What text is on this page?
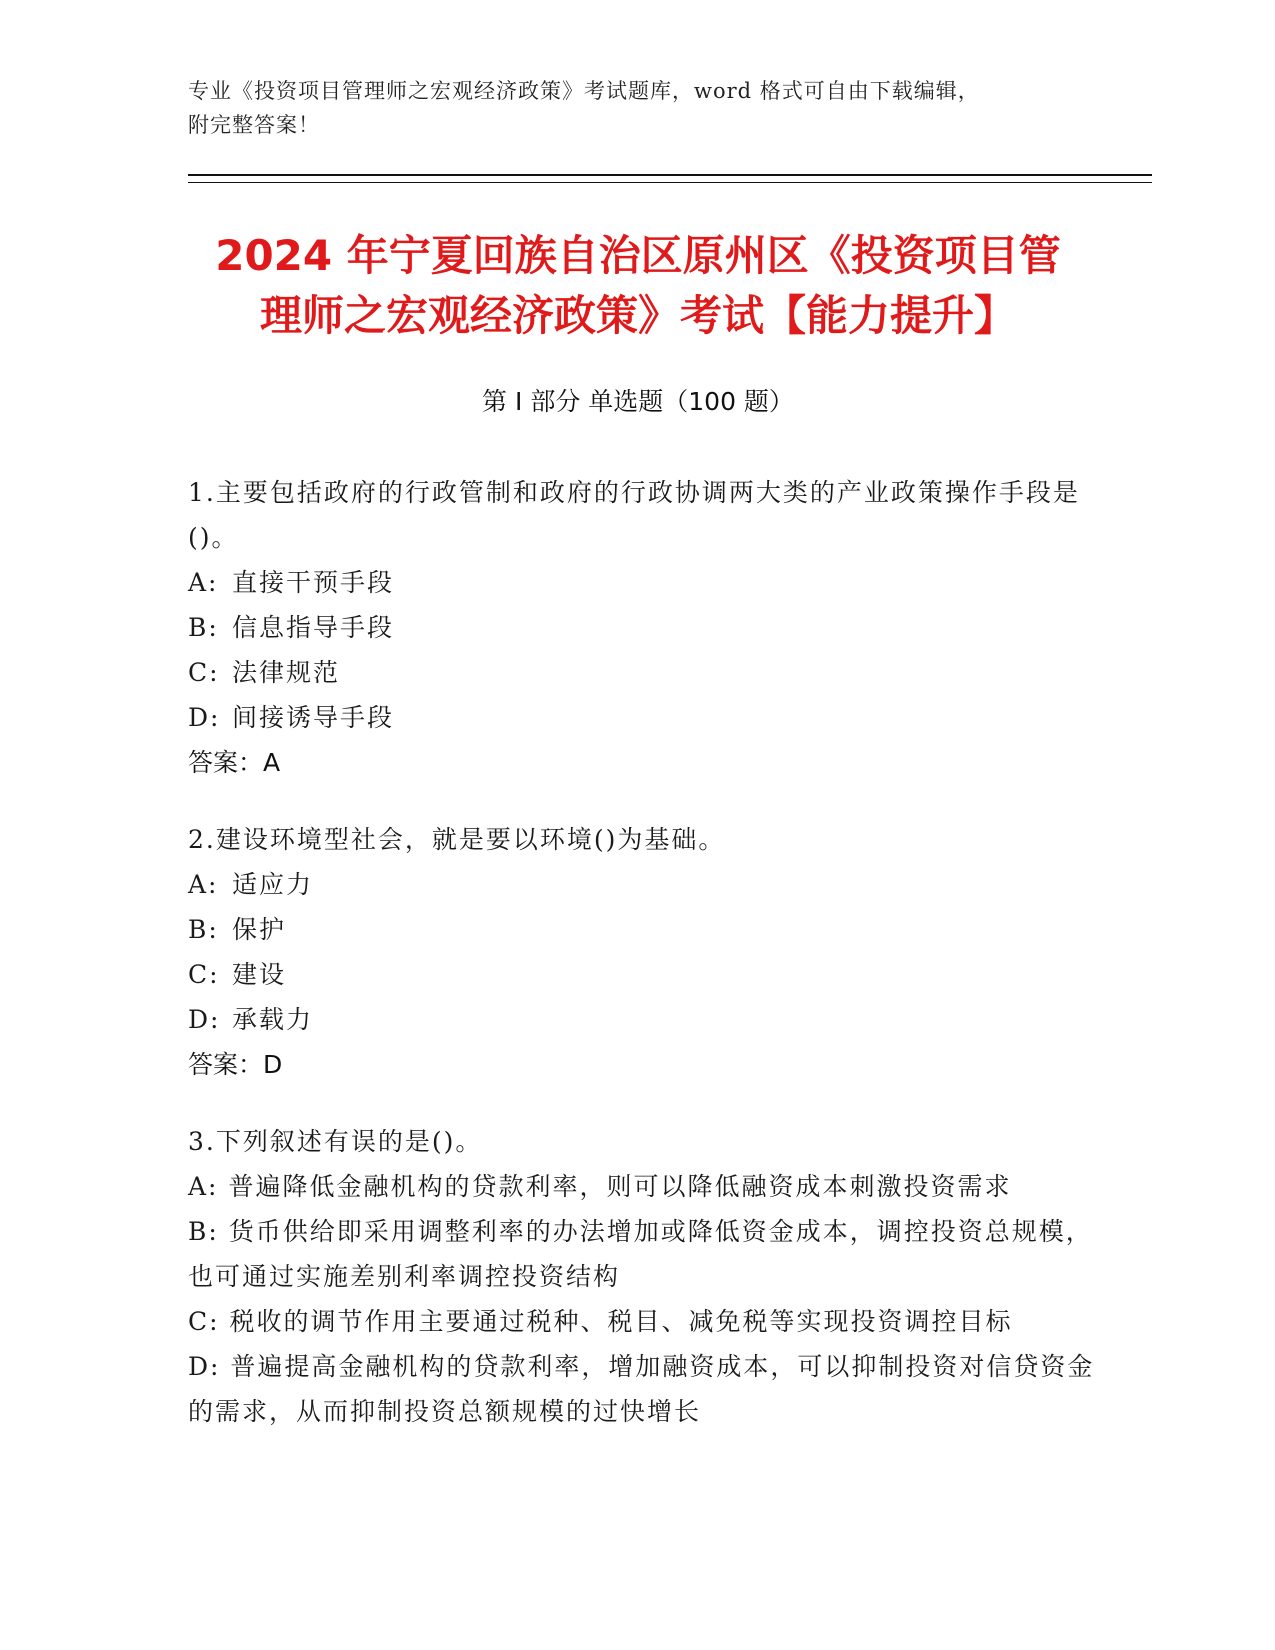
专业《投资项目管理师之宏观经济政策》考试题库，word 格式可自由下载编辑，
附完整答案！
2024 年宁夏回族自治区原州区《投资项目管
理师之宏观经济政策》考试【能力提升】
第 I 部分 单选题（100 题）
1.主要包括政府的行政管制和政府的行政协调两大类的产业政策操作手段是()。
A: 直接干预手段
B: 信息指导手段
C: 法律规范
D: 间接诱导手段
答案：A
2.建设环境型社会，就是要以环境()为基础。
A: 适应力
B: 保护
C: 建设
D: 承载力
答案：D
3.下列叙述有误的是()。
A: 普遍降低金融机构的贷款利率，则可以降低融资成本刺激投资需求
B: 货币供给即采用调整利率的办法增加或降低资金成本，调控投资总规模，也可通过实施差别利率调控投资结构
C: 税收的调节作用主要通过税种、税目、减免税等实现投资调控目标
D: 普遍提高金融机构的贷款利率，增加融资成本，可以抑制投资对信贷资金的需求，从而抑制投资总额规模的过快增长
